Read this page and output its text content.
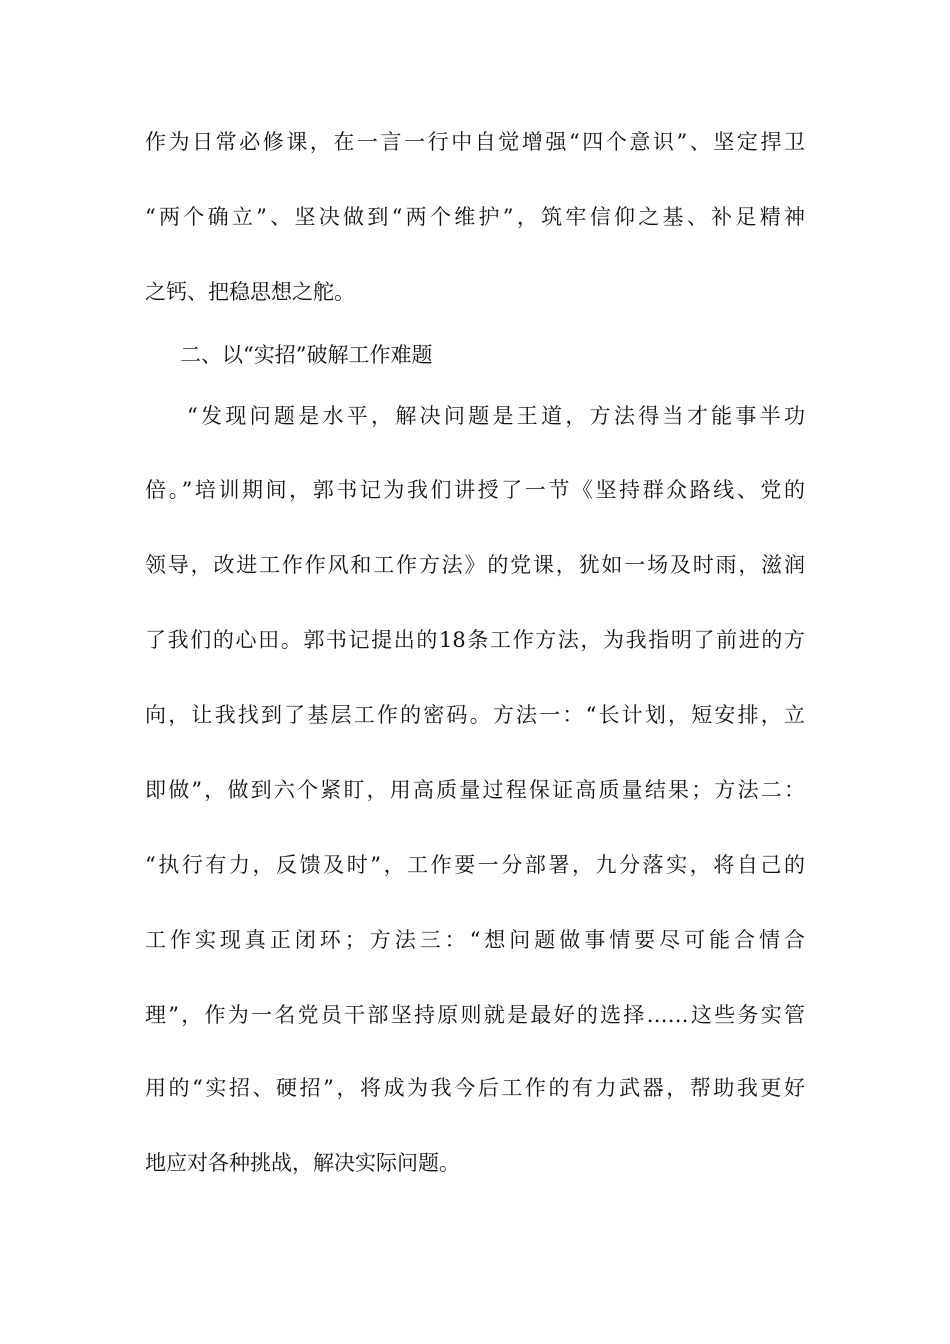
作为日常必修课，在一言一行中自觉增强“四个意识”、坚定捍卫
“两个确立”、坚决做到“两个维护”，筑牢信仰之基、补足精神
之钙、把稳思想之舵。
二、以“实招”破解工作难题
“发现问题是水平，解决问题是王道，方法得当才能事半功
倍。”培训期间，郭书记为我们讲授了一节《坚持群众路线、党的
领导，改进工作作风和工作方法》的党课，犹如一场及时雨，滋润
了我们的心田。郭书记提出的18条工作方法，为我指明了前进的方
向，让我找到了基层工作的密码。方法一：“长计划，短安排，立
即做”，做到六个紧盯，用高质量过程保证高质量结果；方法二：
“执行有力，反馈及时”，工作要一分部署，九分落实，将自己的
工作实现真正闭环；方法三：“想问题做事情要尽可能合情合
理”，作为一名党员干部坚持原则就是最好的选择……这些务实管
用的“实招、硬招”，将成为我今后工作的有力武器，帮助我更好
地应对各种挑战，解决实际问题。
